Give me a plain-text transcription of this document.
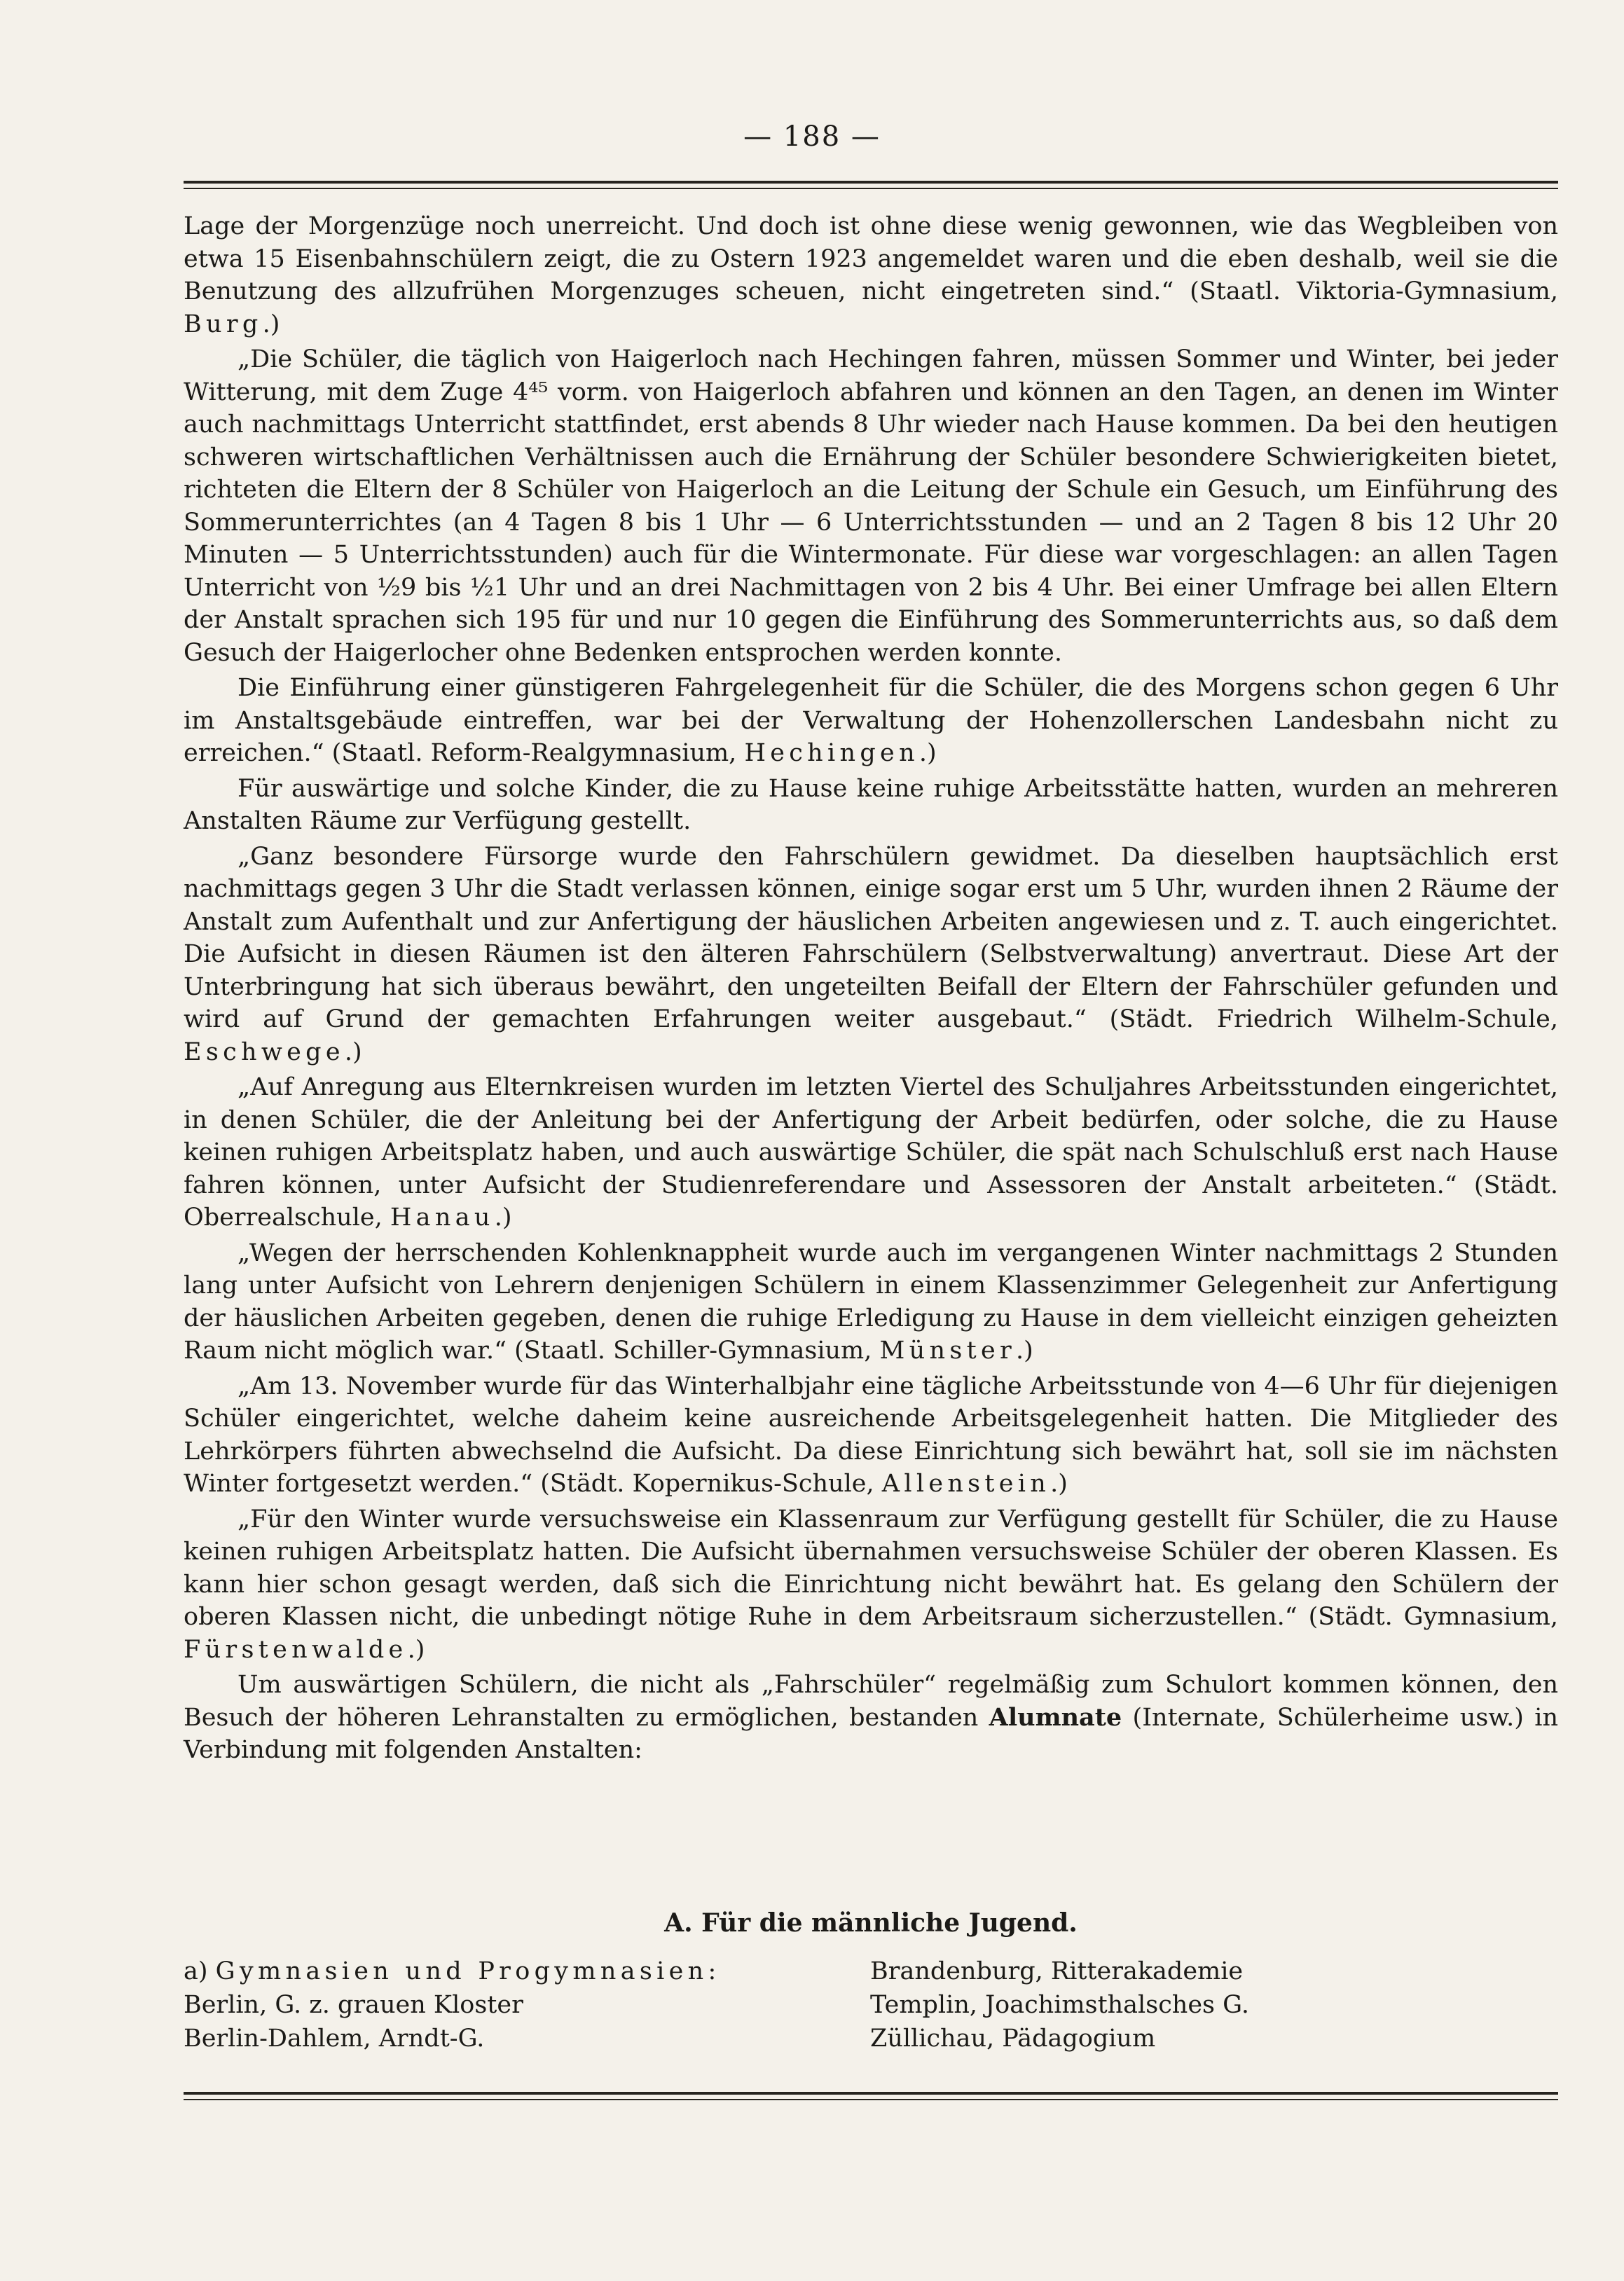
— 188 —

Lage der Morgenzüge noch unerreicht. Und doch ist ohne diese wenig gewonnen, wie das Wegbleiben von etwa 15 Eisenbahnschülern zeigt, die zu Ostern 1923 angemeldet waren und die eben deshalb, weil sie die Benutzung des allzufrühen Morgenzuges scheuen, nicht eingetreten sind.“ (Staatl. Viktoria-Gymnasium, Burg.)

„Die Schüler, die täglich von Haigerloch nach Hechingen fahren, müssen Sommer und Winter, bei jeder Witterung, mit dem Zuge 4⁴⁵ vorm. von Haigerloch abfahren und können an den Tagen, an denen im Winter auch nachmittags Unterricht stattfindet, erst abends 8 Uhr wieder nach Hause kommen. Da bei den heutigen schweren wirtschaftlichen Verhältnissen auch die Ernährung der Schüler besondere Schwierigkeiten bietet, richteten die Eltern der 8 Schüler von Haigerloch an die Leitung der Schule ein Gesuch, um Einführung des Sommerunterrichtes (an 4 Tagen 8 bis 1 Uhr — 6 Unterrichtsstunden — und an 2 Tagen 8 bis 12 Uhr 20 Minuten — 5 Unterrichtsstunden) auch für die Wintermonate. Für diese war vorgeschlagen: an allen Tagen Unterricht von ½9 bis ½1 Uhr und an drei Nachmittagen von 2 bis 4 Uhr. Bei einer Umfrage bei allen Eltern der Anstalt sprachen sich 195 für und nur 10 gegen die Einführung des Sommerunterrichts aus, so daß dem Gesuch der Haigerlocher ohne Bedenken entsprochen werden konnte.

Die Einführung einer günstigeren Fahrgelegenheit für die Schüler, die des Morgens schon gegen 6 Uhr im Anstaltsgebäude eintreffen, war bei der Verwaltung der Hohenzollerschen Landesbahn nicht zu erreichen.“ (Staatl. Reform-Realgymnasium, Hechingen.)

Für auswärtige und solche Kinder, die zu Hause keine ruhige Arbeitsstätte hatten, wurden an mehreren Anstalten Räume zur Verfügung gestellt.

„Ganz besondere Fürsorge wurde den Fahrschülern gewidmet. Da dieselben hauptsächlich erst nachmittags gegen 3 Uhr die Stadt verlassen können, einige sogar erst um 5 Uhr, wurden ihnen 2 Räume der Anstalt zum Aufenthalt und zur Anfertigung der häuslichen Arbeiten angewiesen und z. T. auch eingerichtet. Die Aufsicht in diesen Räumen ist den älteren Fahrschülern (Selbstverwaltung) anvertraut. Diese Art der Unterbringung hat sich überaus bewährt, den ungeteilten Beifall der Eltern der Fahrschüler gefunden und wird auf Grund der gemachten Erfahrungen weiter ausgebaut.“ (Städt. Friedrich Wilhelm-Schule, Eschwege.)

„Auf Anregung aus Elternkreisen wurden im letzten Viertel des Schuljahres Arbeitsstunden eingerichtet, in denen Schüler, die der Anleitung bei der Anfertigung der Arbeit bedürfen, oder solche, die zu Hause keinen ruhigen Arbeitsplatz haben, und auch auswärtige Schüler, die spät nach Schulschluß erst nach Hause fahren können, unter Aufsicht der Studienreferendare und Assessoren der Anstalt arbeiteten.“ (Städt. Oberrealschule, Hanau.)

„Wegen der herrschenden Kohlenknappheit wurde auch im vergangenen Winter nachmittags 2 Stunden lang unter Aufsicht von Lehrern denjenigen Schülern in einem Klassenzimmer Gelegenheit zur Anfertigung der häuslichen Arbeiten gegeben, denen die ruhige Erledigung zu Hause in dem vielleicht einzigen geheizten Raum nicht möglich war.“ (Staatl. Schiller-Gymnasium, Münster.)

„Am 13. November wurde für das Winterhalbjahr eine tägliche Arbeitsstunde von 4—6 Uhr für diejenigen Schüler eingerichtet, welche daheim keine ausreichende Arbeitsgelegenheit hatten. Die Mitglieder des Lehrkörpers führten abwechselnd die Aufsicht. Da diese Einrichtung sich bewährt hat, soll sie im nächsten Winter fortgesetzt werden.“ (Städt. Kopernikus-Schule, Allenstein.)

„Für den Winter wurde versuchsweise ein Klassenraum zur Verfügung gestellt für Schüler, die zu Hause keinen ruhigen Arbeitsplatz hatten. Die Aufsicht übernahmen versuchsweise Schüler der oberen Klassen. Es kann hier schon gesagt werden, daß sich die Einrichtung nicht bewährt hat. Es gelang den Schülern der oberen Klassen nicht, die unbedingt nötige Ruhe in dem Arbeitsraum sicherzustellen.“ (Städt. Gymnasium, Fürstenwalde.)

Um auswärtigen Schülern, die nicht als „Fahrschüler“ regelmäßig zum Schulort kommen können, den Besuch der höheren Lehranstalten zu ermöglichen, bestanden Alumnate (Internate, Schülerheime usw.) in Verbindung mit folgenden Anstalten:

A. Für die männliche Jugend.
a) Gymnasien und Progymnasien:
Berlin, G. z. grauen Kloster
Berlin-Dahlem, Arndt-G.
Brandenburg, Ritterakademie
Templin, Joachimsthalsches G.
Züllichau, Pädagogium
